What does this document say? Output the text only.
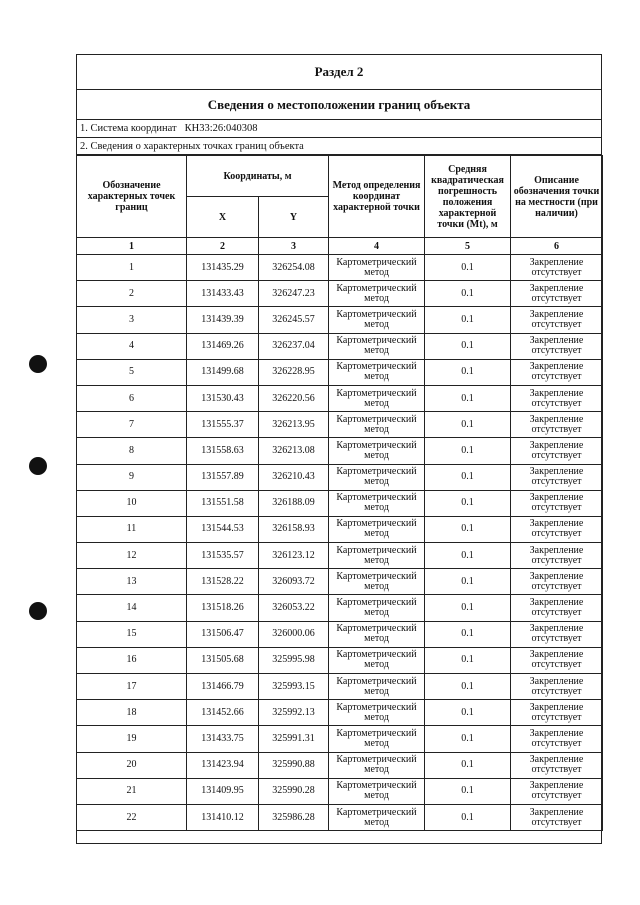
Раздел 2
Сведения о местоположении границ объекта
1. Система координат КН33:26:040308
2. Сведения о характерных точках границ объекта
Обозначение характерных точек границ	Координаты, м		Метод определения координат характерной точки	Средняя квадратическая погрешность положения характерной точки (Mt), м	Описание обозначения точки на местности (при наличии)
	X	Y			
1	2	3	4	5	6
1	131435.29	326254.08	Картометрический метод	0.1	Закрепление отсутствует
2	131433.43	326247.23	Картометрический метод	0.1	Закрепление отсутствует
3	131439.39	326245.57	Картометрический метод	0.1	Закрепление отсутствует
4	131469.26	326237.04	Картометрический метод	0.1	Закрепление отсутствует
5	131499.68	326228.95	Картометрический метод	0.1	Закрепление отсутствует
6	131530.43	326220.56	Картометрический метод	0.1	Закрепление отсутствует
7	131555.37	326213.95	Картометрический метод	0.1	Закрепление отсутствует
8	131558.63	326213.08	Картометрический метод	0.1	Закрепление отсутствует
9	131557.89	326210.43	Картометрический метод	0.1	Закрепление отсутствует
10	131551.58	326188.09	Картометрический метод	0.1	Закрепление отсутствует
11	131544.53	326158.93	Картометрический метод	0.1	Закрепление отсутствует
12	131535.57	326123.12	Картометрический метод	0.1	Закрепление отсутствует
13	131528.22	326093.72	Картометрический метод	0.1	Закрепление отсутствует
14	131518.26	326053.22	Картометрический метод	0.1	Закрепление отсутствует
15	131506.47	326000.06	Картометрический метод	0.1	Закрепление отсутствует
16	131505.68	325995.98	Картометрический метод	0.1	Закрепление отсутствует
17	131466.79	325993.15	Картометрический метод	0.1	Закрепление отсутствует
18	131452.66	325992.13	Картометрический метод	0.1	Закрепление отсутствует
19	131433.75	325991.31	Картометрический метод	0.1	Закрепление отсутствует
20	131423.94	325990.88	Картометрический метод	0.1	Закрепление отсутствует
21	131409.95	325990.28	Картометрический метод	0.1	Закрепление отсутствует
22	131410.12	325986.28	Картометрический метод	0.1	Закрепление отсутствует
